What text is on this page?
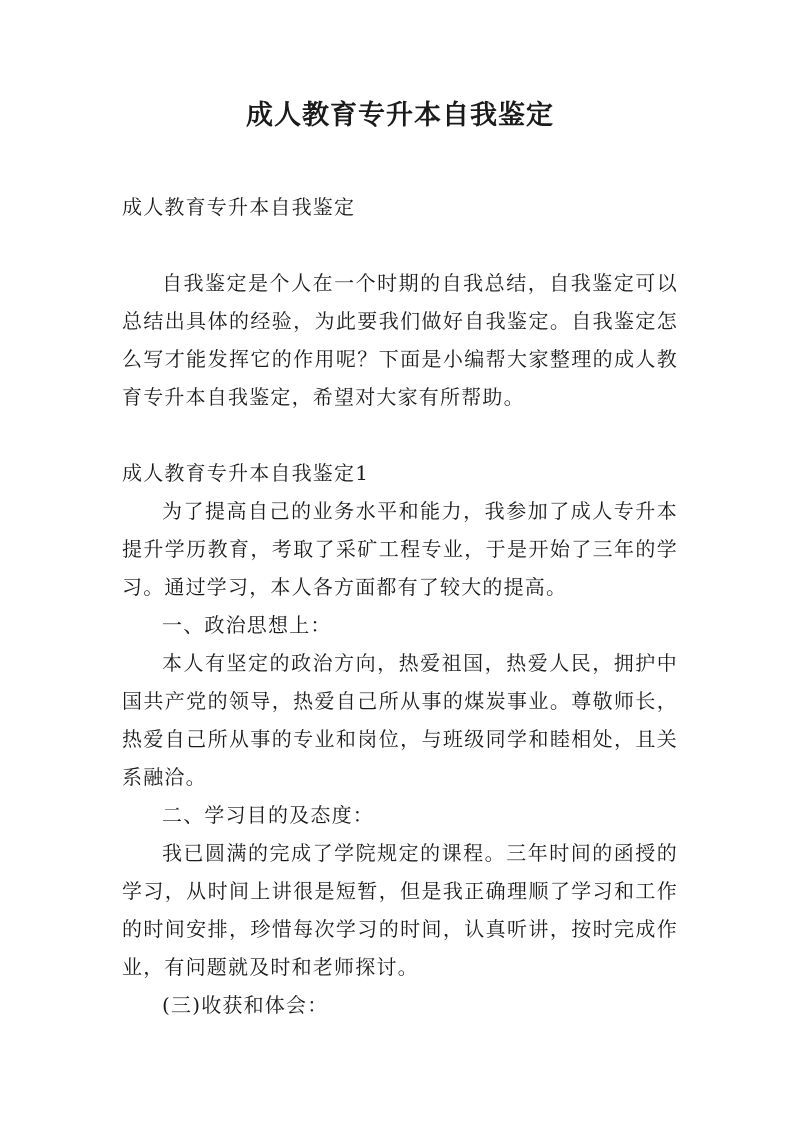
成人教育专升本自我鉴定

成人教育专升本自我鉴定

自我鉴定是个人在一个时期的自我总结，自我鉴定可以总结出具体的经验，为此要我们做好自我鉴定。自我鉴定怎么写才能发挥它的作用呢？下面是小编帮大家整理的成人教育专升本自我鉴定，希望对大家有所帮助。

成人教育专升本自我鉴定1

为了提高自己的业务水平和能力，我参加了成人专升本提升学历教育，考取了采矿工程专业，于是开始了三年的学习。通过学习，本人各方面都有了较大的提高。

一、政治思想上：

本人有坚定的政治方向，热爱祖国，热爱人民，拥护中国共产党的领导，热爱自己所从事的煤炭事业。尊敬师长，热爱自己所从事的专业和岗位，与班级同学和睦相处，且关系融洽。

二、学习目的及态度：

我已圆满的完成了学院规定的课程。三年时间的函授的学习，从时间上讲很是短暂，但是我正确理顺了学习和工作的时间安排，珍惜每次学习的时间，认真听讲，按时完成作业，有问题就及时和老师探讨。

(三)收获和体会：
